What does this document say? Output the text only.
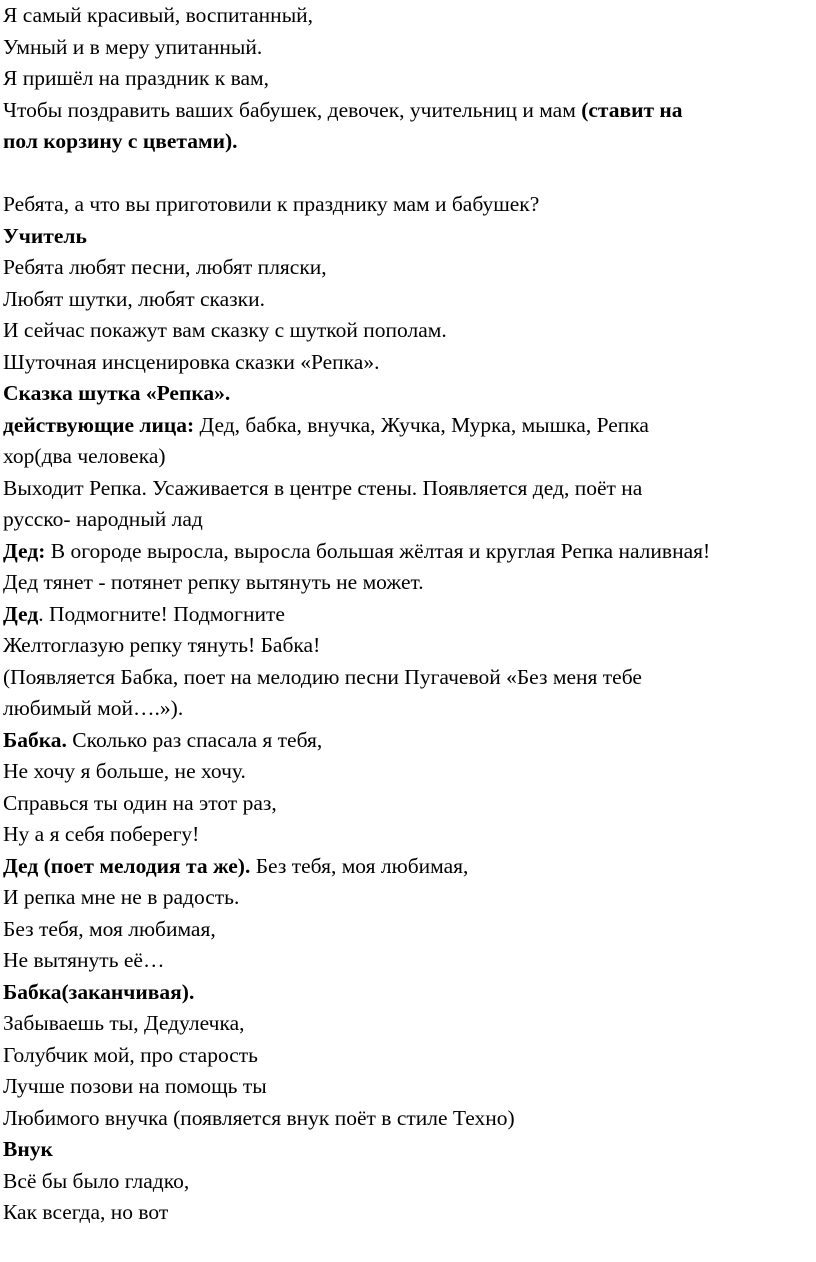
Я самый красивый, воспитанный,
Умный и в меру упитанный.
Я пришёл на праздник к вам,
Чтобы поздравить ваших бабушек, девочек, учительниц и мам (ставит на
пол корзину с цветами).
Ребята, а что вы приготовили к празднику мам и бабушек?
Учитель
Ребята любят песни, любят пляски,
Любят шутки, любят сказки.
И сейчас покажут вам сказку с шуткой пополам.
Шуточная инсценировка сказки «Репка».
Сказка шутка «Репка».
действующие лица: Дед, бабка, внучка, Жучка, Мурка, мышка, Репка
хор(два человека)
Выходит Репка. Усаживается в центре стены. Появляется дед, поёт на
русско- народный лад
Дед: В огороде выросла, выросла большая жёлтая и круглая Репка наливная!
Дед тянет - потянет репку вытянуть не может.
Дед. Подмогните! Подмогните
Желтоглазую репку тянуть! Бабка!
(Появляется Бабка, поет на мелодию песни Пугачевой «Без меня тебе
любимый мой….»).
Бабка. Сколько раз спасала я тебя,
Не хочу я больше, не хочу.
Справься ты один на этот раз,
Ну а я себя поберегу!
Дед (поет мелодия та же). Без тебя, моя любимая,
И репка мне не в радость.
Без тебя, моя любимая,
Не вытянуть её…
Бабка(заканчивая).
Забываешь ты, Дедулечка,
Голубчик мой, про старость
Лучше позови на помощь ты
Любимого внучка (появляется внук поёт в стиле Техно)
Внук
Всё бы было гладко,
Как всегда, но вот
